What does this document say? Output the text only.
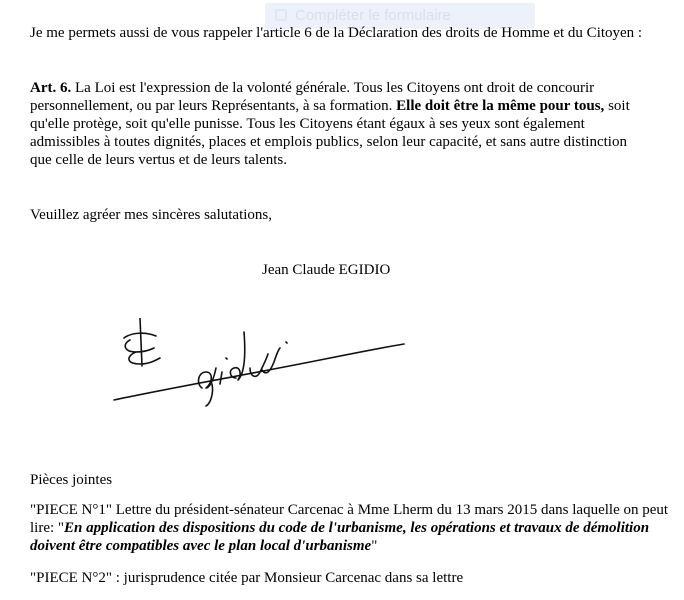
Compléter le formulaire

Je me permets aussi de vous rappeler l'article 6 de la Déclaration des droits de Homme et du Citoyen :

Art. 6. La Loi est l'expression de la volonté générale. Tous les Citoyens ont droit de concourir personnellement, ou par leurs Représentants, à sa formation. Elle doit être la même pour tous, soit qu'elle protège, soit qu'elle punisse. Tous les Citoyens étant égaux à ses yeux sont également admissibles à toutes dignités, places et emplois publics, selon leur capacité, et sans autre distinction que celle de leurs vertus et de leurs talents.

Veuillez agréer mes sincères salutations,

Jean Claude EGIDIO

Pièces jointes

"PIECE N°1" Lettre du président-sénateur Carcenac à Mme Lherm du 13 mars 2015 dans laquelle on peut lire: "En application des dispositions du code de l'urbanisme, les opérations et travaux de démolition doivent être compatibles avec le plan local d'urbanisme"

"PIECE N°2" : jurisprudence citée par Monsieur Carcenac dans sa lettre
